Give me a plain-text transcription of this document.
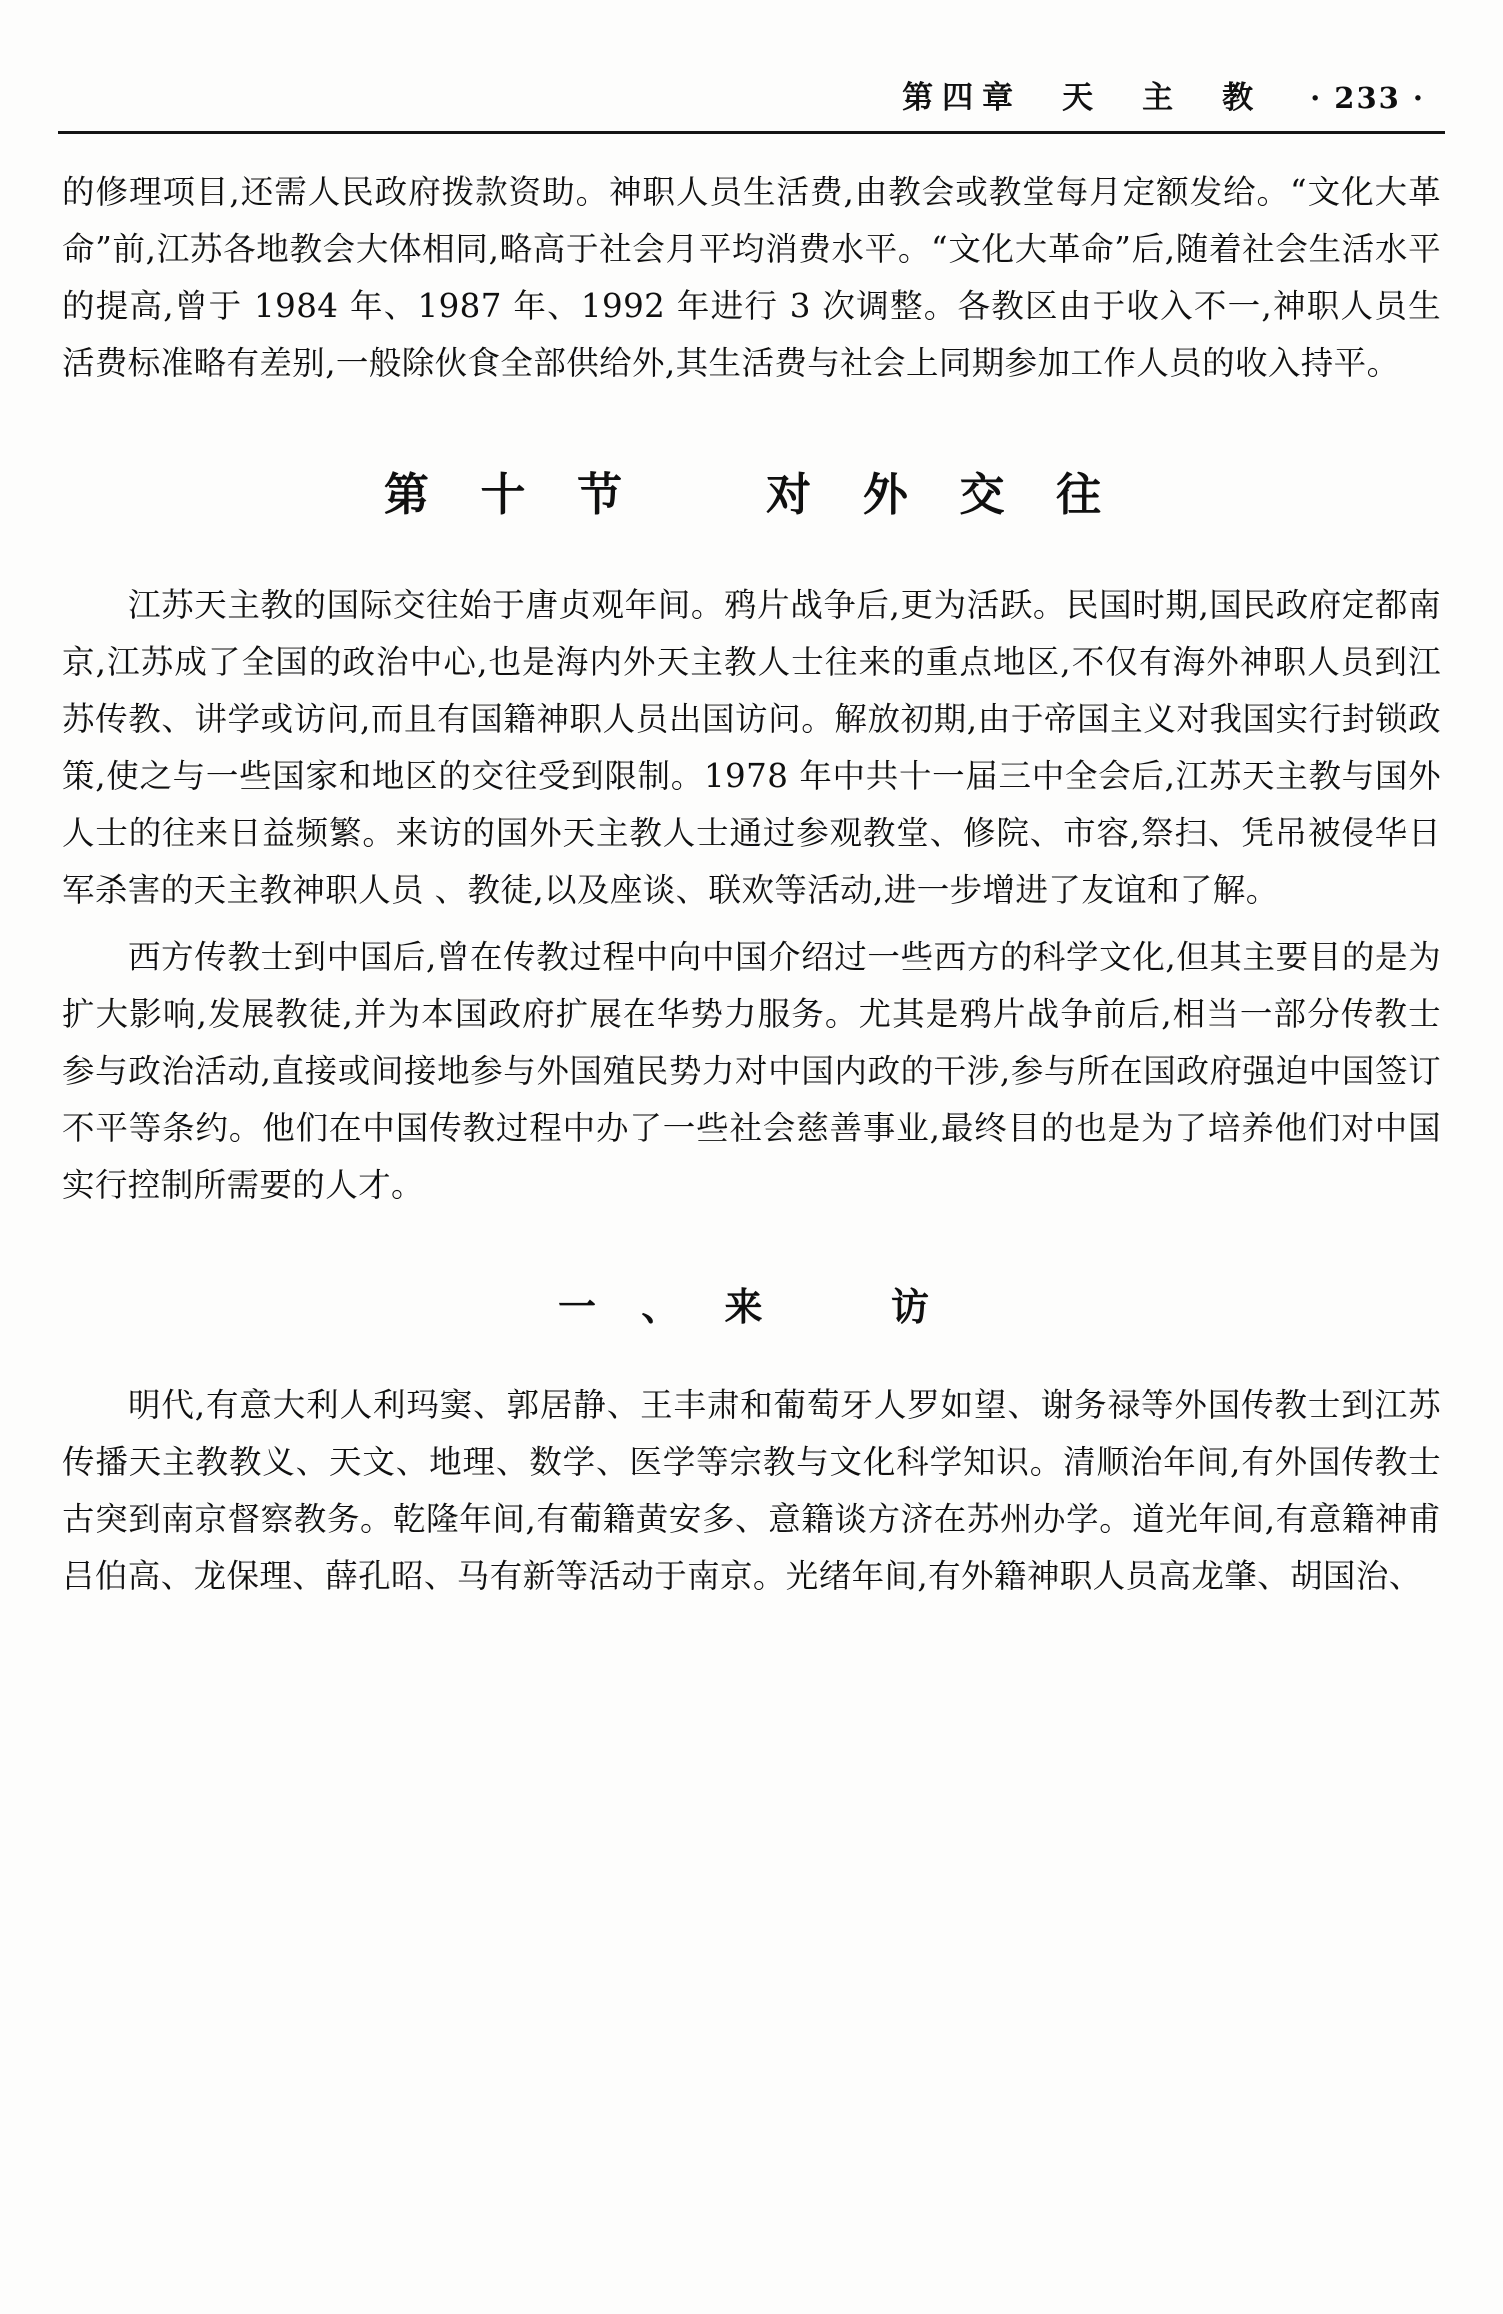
第四章　天　主　教 · 233 ·

的修理项目,还需人民政府拨款资助。神职人员生活费,由教会或教堂每月定额发给。“文化大革命”前,江苏各地教会大体相同,略高于社会月平均消费水平。“文化大革命”后,随着社会生活水平的提高,曾于 1984 年、1987 年、1992 年进行 3 次调整。各教区由于收入不一,神职人员生活费标准略有差别,一般除伙食全部供给外,其生活费与社会上同期参加工作人员的收入持平。

第 十 节　　对 外 交 往

江苏天主教的国际交往始于唐贞观年间。鸦片战争后,更为活跃。民国时期,国民政府定都南京,江苏成了全国的政治中心,也是海内外天主教人士往来的重点地区,不仅有海外神职人员到江苏传教、讲学或访问,而且有国籍神职人员出国访问。解放初期,由于帝国主义对我国实行封锁政策,使之与一些国家和地区的交往受到限制。1978 年中共十一届三中全会后,江苏天主教与国外人士的往来日益频繁。来访的国外天主教人士通过参观教堂、修院、市容,祭扫、凭吊被侵华日军杀害的天主教神职人员 、教徒,以及座谈、联欢等活动,进一步增进了友谊和了解。

西方传教士到中国后,曾在传教过程中向中国介绍过一些西方的科学文化,但其主要目的是为扩大影响,发展教徒,并为本国政府扩展在华势力服务。尤其是鸦片战争前后,相当一部分传教士参与政治活动,直接或间接地参与外国殖民势力对中国内政的干涉,参与所在国政府强迫中国签订不平等条约。他们在中国传教过程中办了一些社会慈善事业,最终目的也是为了培养他们对中国实行控制所需要的人才。

一 、 来 　 访

明代,有意大利人利玛窦、郭居静、王丰肃和葡萄牙人罗如望、谢务禄等外国传教士到江苏传播天主教教义、天文、地理、数学、医学等宗教与文化科学知识。清顺治年间,有外国传教士古突到南京督察教务。乾隆年间,有葡籍黄安多、意籍谈方济在苏州办学。道光年间,有意籍神甫吕伯高、龙保理、薛孔昭、马有新等活动于南京。光绪年间,有外籍神职人员高龙肇、胡国治、
